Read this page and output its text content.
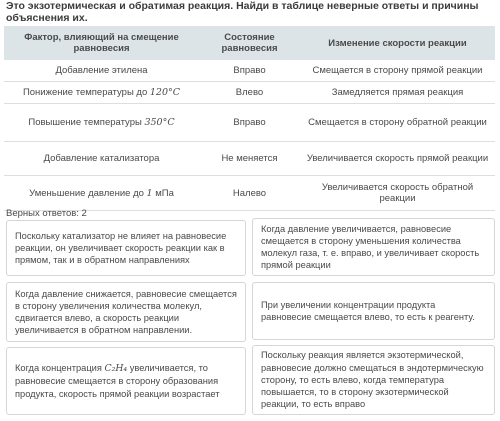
Это экзотермическая и обратимая реакция. Найди в таблице неверные ответы и причины объяснения их.
Фактор, влияющий на смещение равновесия	Состояние равновесия	Изменение скорости реакции
Добавление этилена	Вправо	Смещается в сторону прямой реакции
Понижение температуры до 120°C	Влево	Замедляется прямая реакция
Повышение температуры 350°C	Вправо	Смещается в сторону обратной реакции
Добавление катализатора	Не меняется	Увеличивается скорость прямой реакции
Уменьшение давление до 1 мПа	Налево	Увеличивается скорость обратной реакции
Верных ответов: 2
Поскольку катализатор не влияет на равновесие реакции, он увеличивает скорость реакции как в прямом, так и в обратном направлениях
Когда давление увеличивается, равновесие смещается в сторону уменьшения количества молекул газа, т. е. вправо, и увеличивает скорость прямой реакции
Когда давление снижается, равновесие смещается в сторону увеличения количества молекул, сдвигается влево, а скорость реакции увеличивается в обратном направлении.
При увеличении концентрации продукта равновесие смещается влево, то есть к реагенту.
Когда концентрация C₂H₄ увеличивается, то равновесие смещается в сторону образования продукта, скорость прямой реакции возрастает
Поскольку реакция является экзотермической, равновесие должно смещаться в эндотермическую сторону, то есть влево, когда температура повышается, то в сторону экзотермической реакции, то есть вправо
